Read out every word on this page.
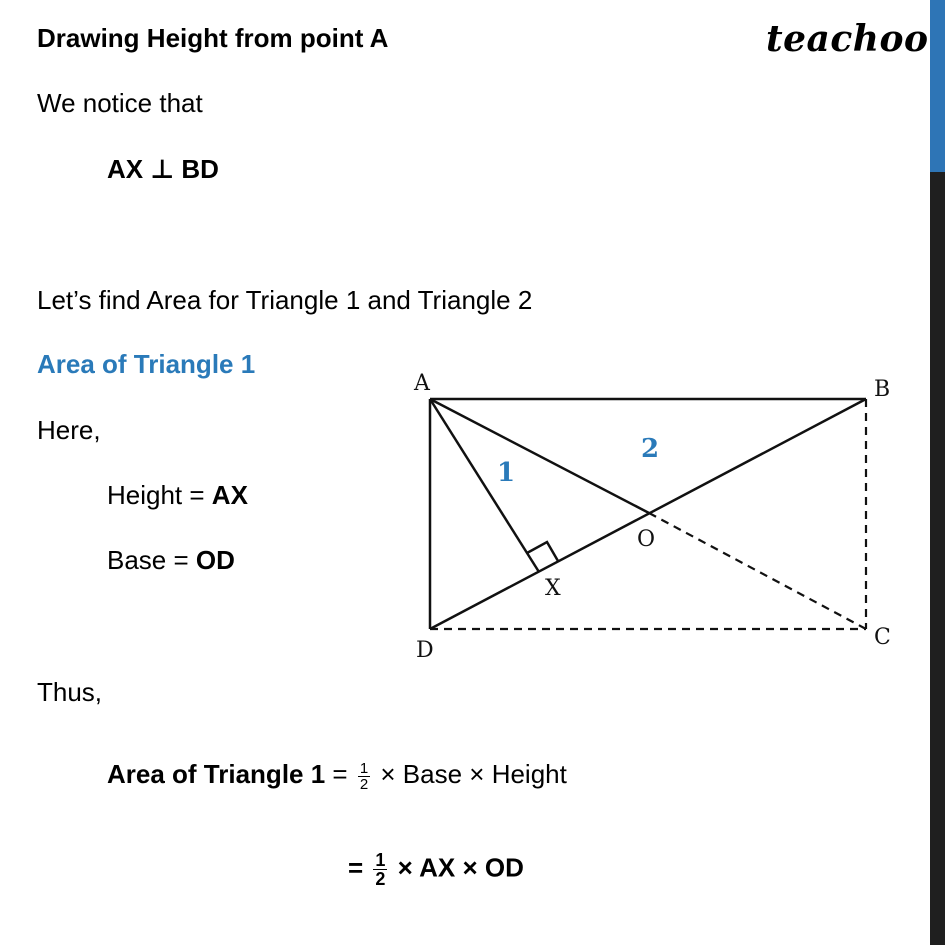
Drawing Height from point A	teachoo
We notice that
AX ⊥ BD
Let’s find Area for Triangle 1 and Triangle 2
Area of Triangle 1
Here,
Height = AX
Base = OD
Thus,
Area of Triangle $1 = \frac{1}{2}$ × Base × Height
= $\frac{1}{2}$ × AX × OD
A	B
C
D
O
X
1
2
